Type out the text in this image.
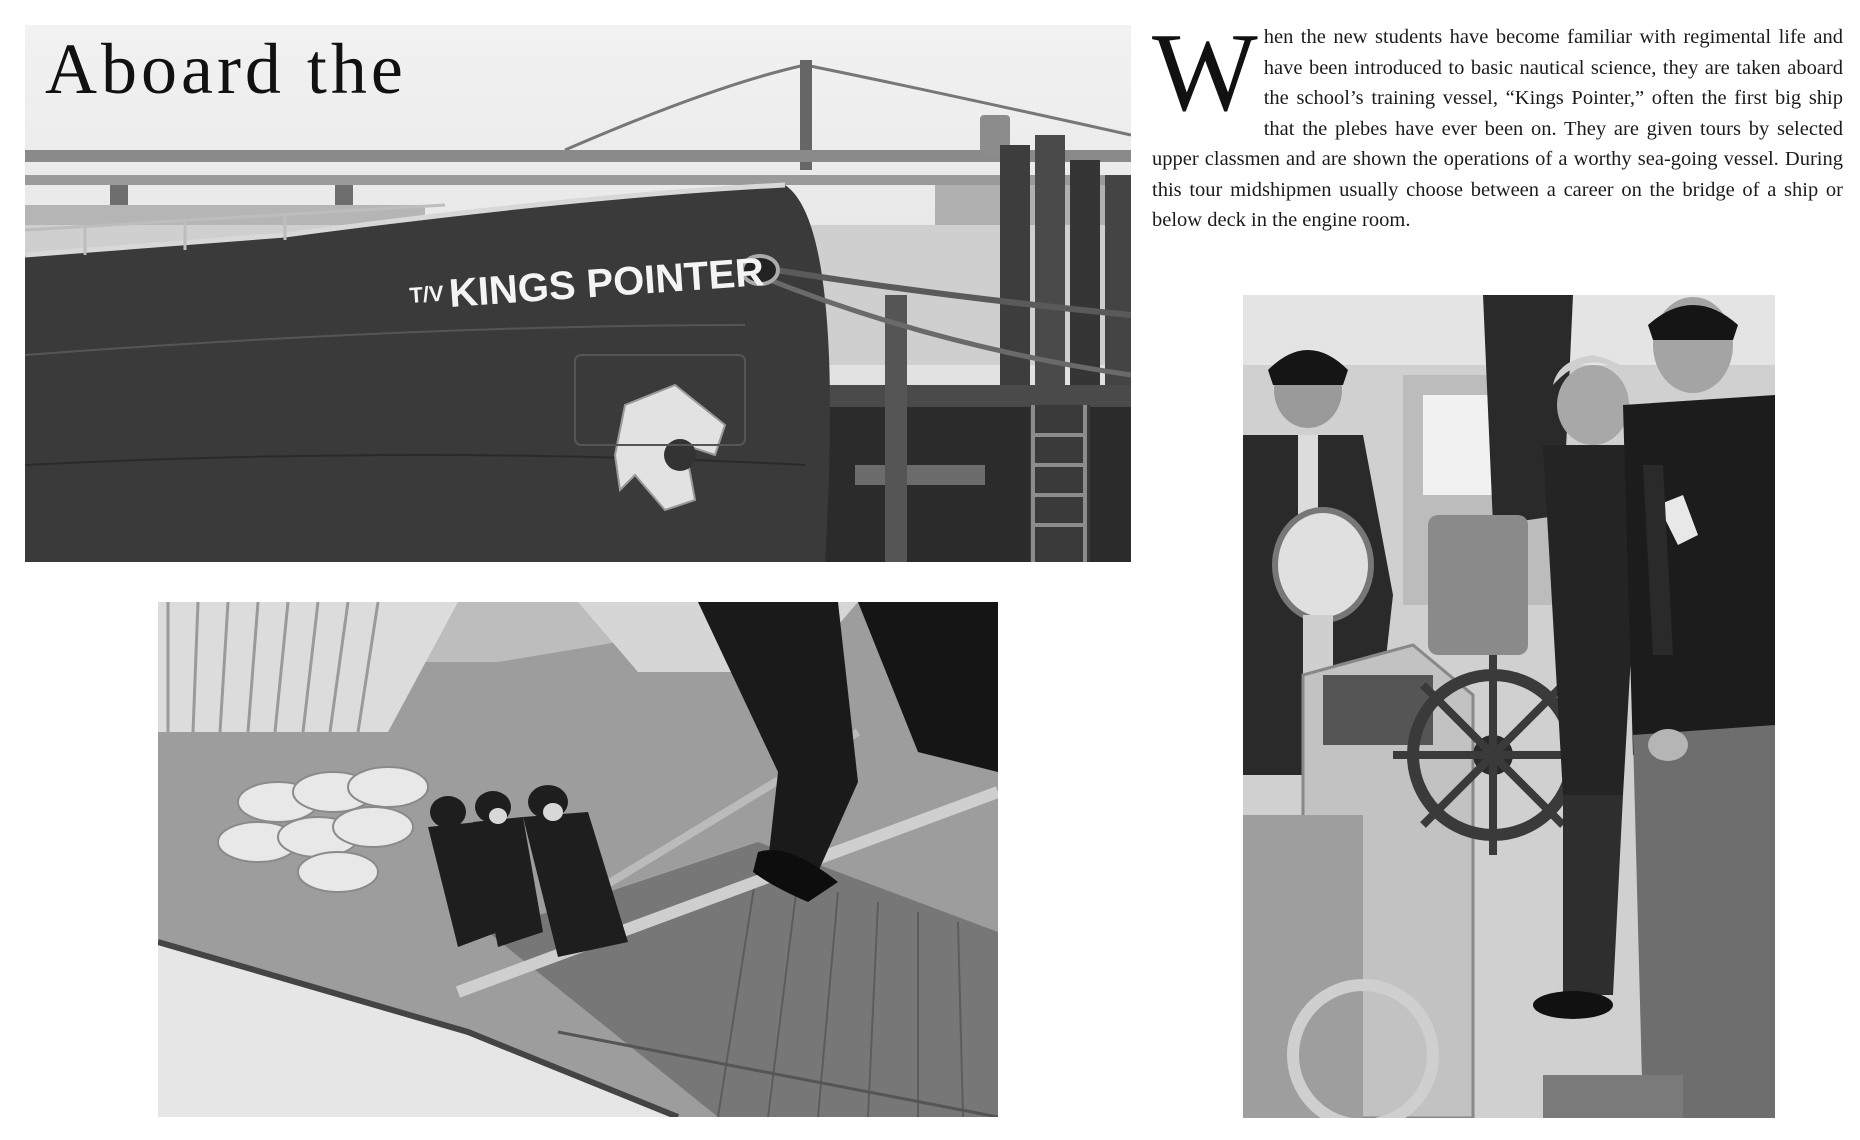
T/V KINGS POINTER
Aboard the	When the new students have become familiar with regimental life and have been introduced to basic nautical science, they are taken aboard the school’s training vessel, “Kings Pointer,” often the first big ship that the plebes have ever been on. They are given tours by selected upper classmen and are shown the operations of a worthy sea-going vessel. During this tour midshipmen usually choose between a career on the bridge of a ship or below deck in the engine room.
